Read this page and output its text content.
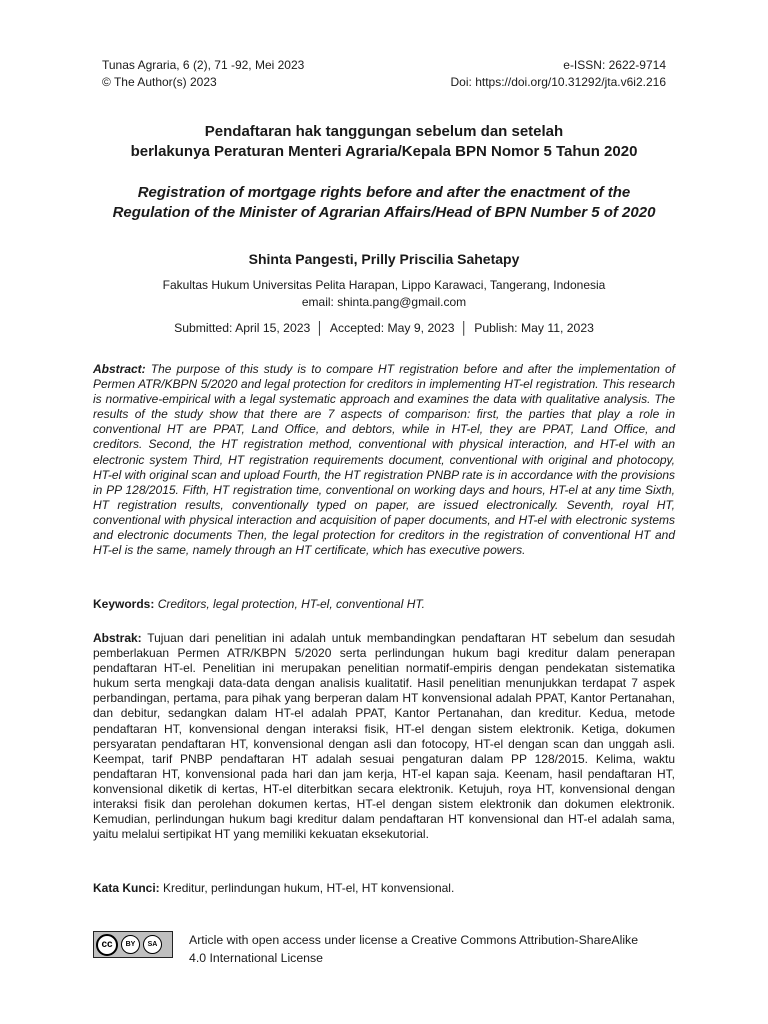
Tunas Agraria, 6 (2), 71 -92, Mei 2023	e-ISSN: 2622-9714
© The Author(s) 2023	Doi: https://doi.org/10.31292/jta.v6i2.216
Pendaftaran hak tanggungan sebelum dan setelah
berlakunya Peraturan Menteri Agraria/Kepala BPN Nomor 5 Tahun 2020
Registration of mortgage rights before and after the enactment of the
Regulation of the Minister of Agrarian Affairs/Head of BPN Number 5 of 2020
Shinta Pangesti, Prilly Priscilia Sahetapy
Fakultas Hukum Universitas Pelita Harapan, Lippo Karawaci, Tangerang, Indonesia
email: shinta.pang@gmail.com
Submitted: April 15, 2023 │ Accepted: May 9, 2023 │ Publish: May 11, 2023
Abstract: The purpose of this study is to compare HT registration before and after the implementation of Permen ATR/KBPN 5/2020 and legal protection for creditors in implementing HT-el registration. This research is normative-empirical with a legal systematic approach and examines the data with qualitative analysis. The results of the study show that there are 7 aspects of comparison: first, the parties that play a role in conventional HT are PPAT, Land Office, and debtors, while in HT-el, they are PPAT, Land Office, and creditors. Second, the HT registration method, conventional with physical interaction, and HT-el with an electronic system Third, HT registration requirements document, conventional with original and photocopy, HT-el with original scan and upload Fourth, the HT registration PNBP rate is in accordance with the provisions in PP 128/2015. Fifth, HT registration time, conventional on working days and hours, HT-el at any time Sixth, HT registration results, conventionally typed on paper, are issued electronically. Seventh, royal HT, conventional with physical interaction and acquisition of paper documents, and HT-el with electronic systems and electronic documents Then, the legal protection for creditors in the registration of conventional HT and HT-el is the same, namely through an HT certificate, which has executive powers.
Keywords: Creditors, legal protection, HT-el, conventional HT.
Abstrak: Tujuan dari penelitian ini adalah untuk membandingkan pendaftaran HT sebelum dan sesudah pemberlakuan Permen ATR/KBPN 5/2020 serta perlindungan hukum bagi kreditur dalam penerapan pendaftaran HT-el. Penelitian ini merupakan penelitian normatif-empiris dengan pendekatan sistematika hukum serta mengkaji data-data dengan analisis kualitatif. Hasil penelitian menunjukkan terdapat 7 aspek perbandingan, pertama, para pihak yang berperan dalam HT konvensional adalah PPAT, Kantor Pertanahan, dan debitur, sedangkan dalam HT-el adalah PPAT, Kantor Pertanahan, dan kreditur. Kedua, metode pendaftaran HT, konvensional dengan interaksi fisik, HT-el dengan sistem elektronik. Ketiga, dokumen persyaratan pendaftaran HT, konvensional dengan asli dan fotocopy, HT-el dengan scan dan unggah asli. Keempat, tarif PNBP pendaftaran HT adalah sesuai pengaturan dalam PP 128/2015. Kelima, waktu pendaftaran HT, konvensional pada hari dan jam kerja, HT-el kapan saja. Keenam, hasil pendaftaran HT, konvensional diketik di kertas, HT-el diterbitkan secara elektronik. Ketujuh, roya HT, konvensional dengan interaksi fisik dan perolehan dokumen kertas, HT-el dengan sistem elektronik dan dokumen elektronik. Kemudian, perlindungan hukum bagi kreditur dalam pendaftaran HT konvensional dan HT-el adalah sama, yaitu melalui sertipikat HT yang memiliki kekuatan eksekutorial.
Kata Kunci: Kreditur, perlindungan hukum, HT-el, HT konvensional.
cc	BY	SA	Article with open access under license a Creative Commons Attribution-ShareAlike
4.0 International License
